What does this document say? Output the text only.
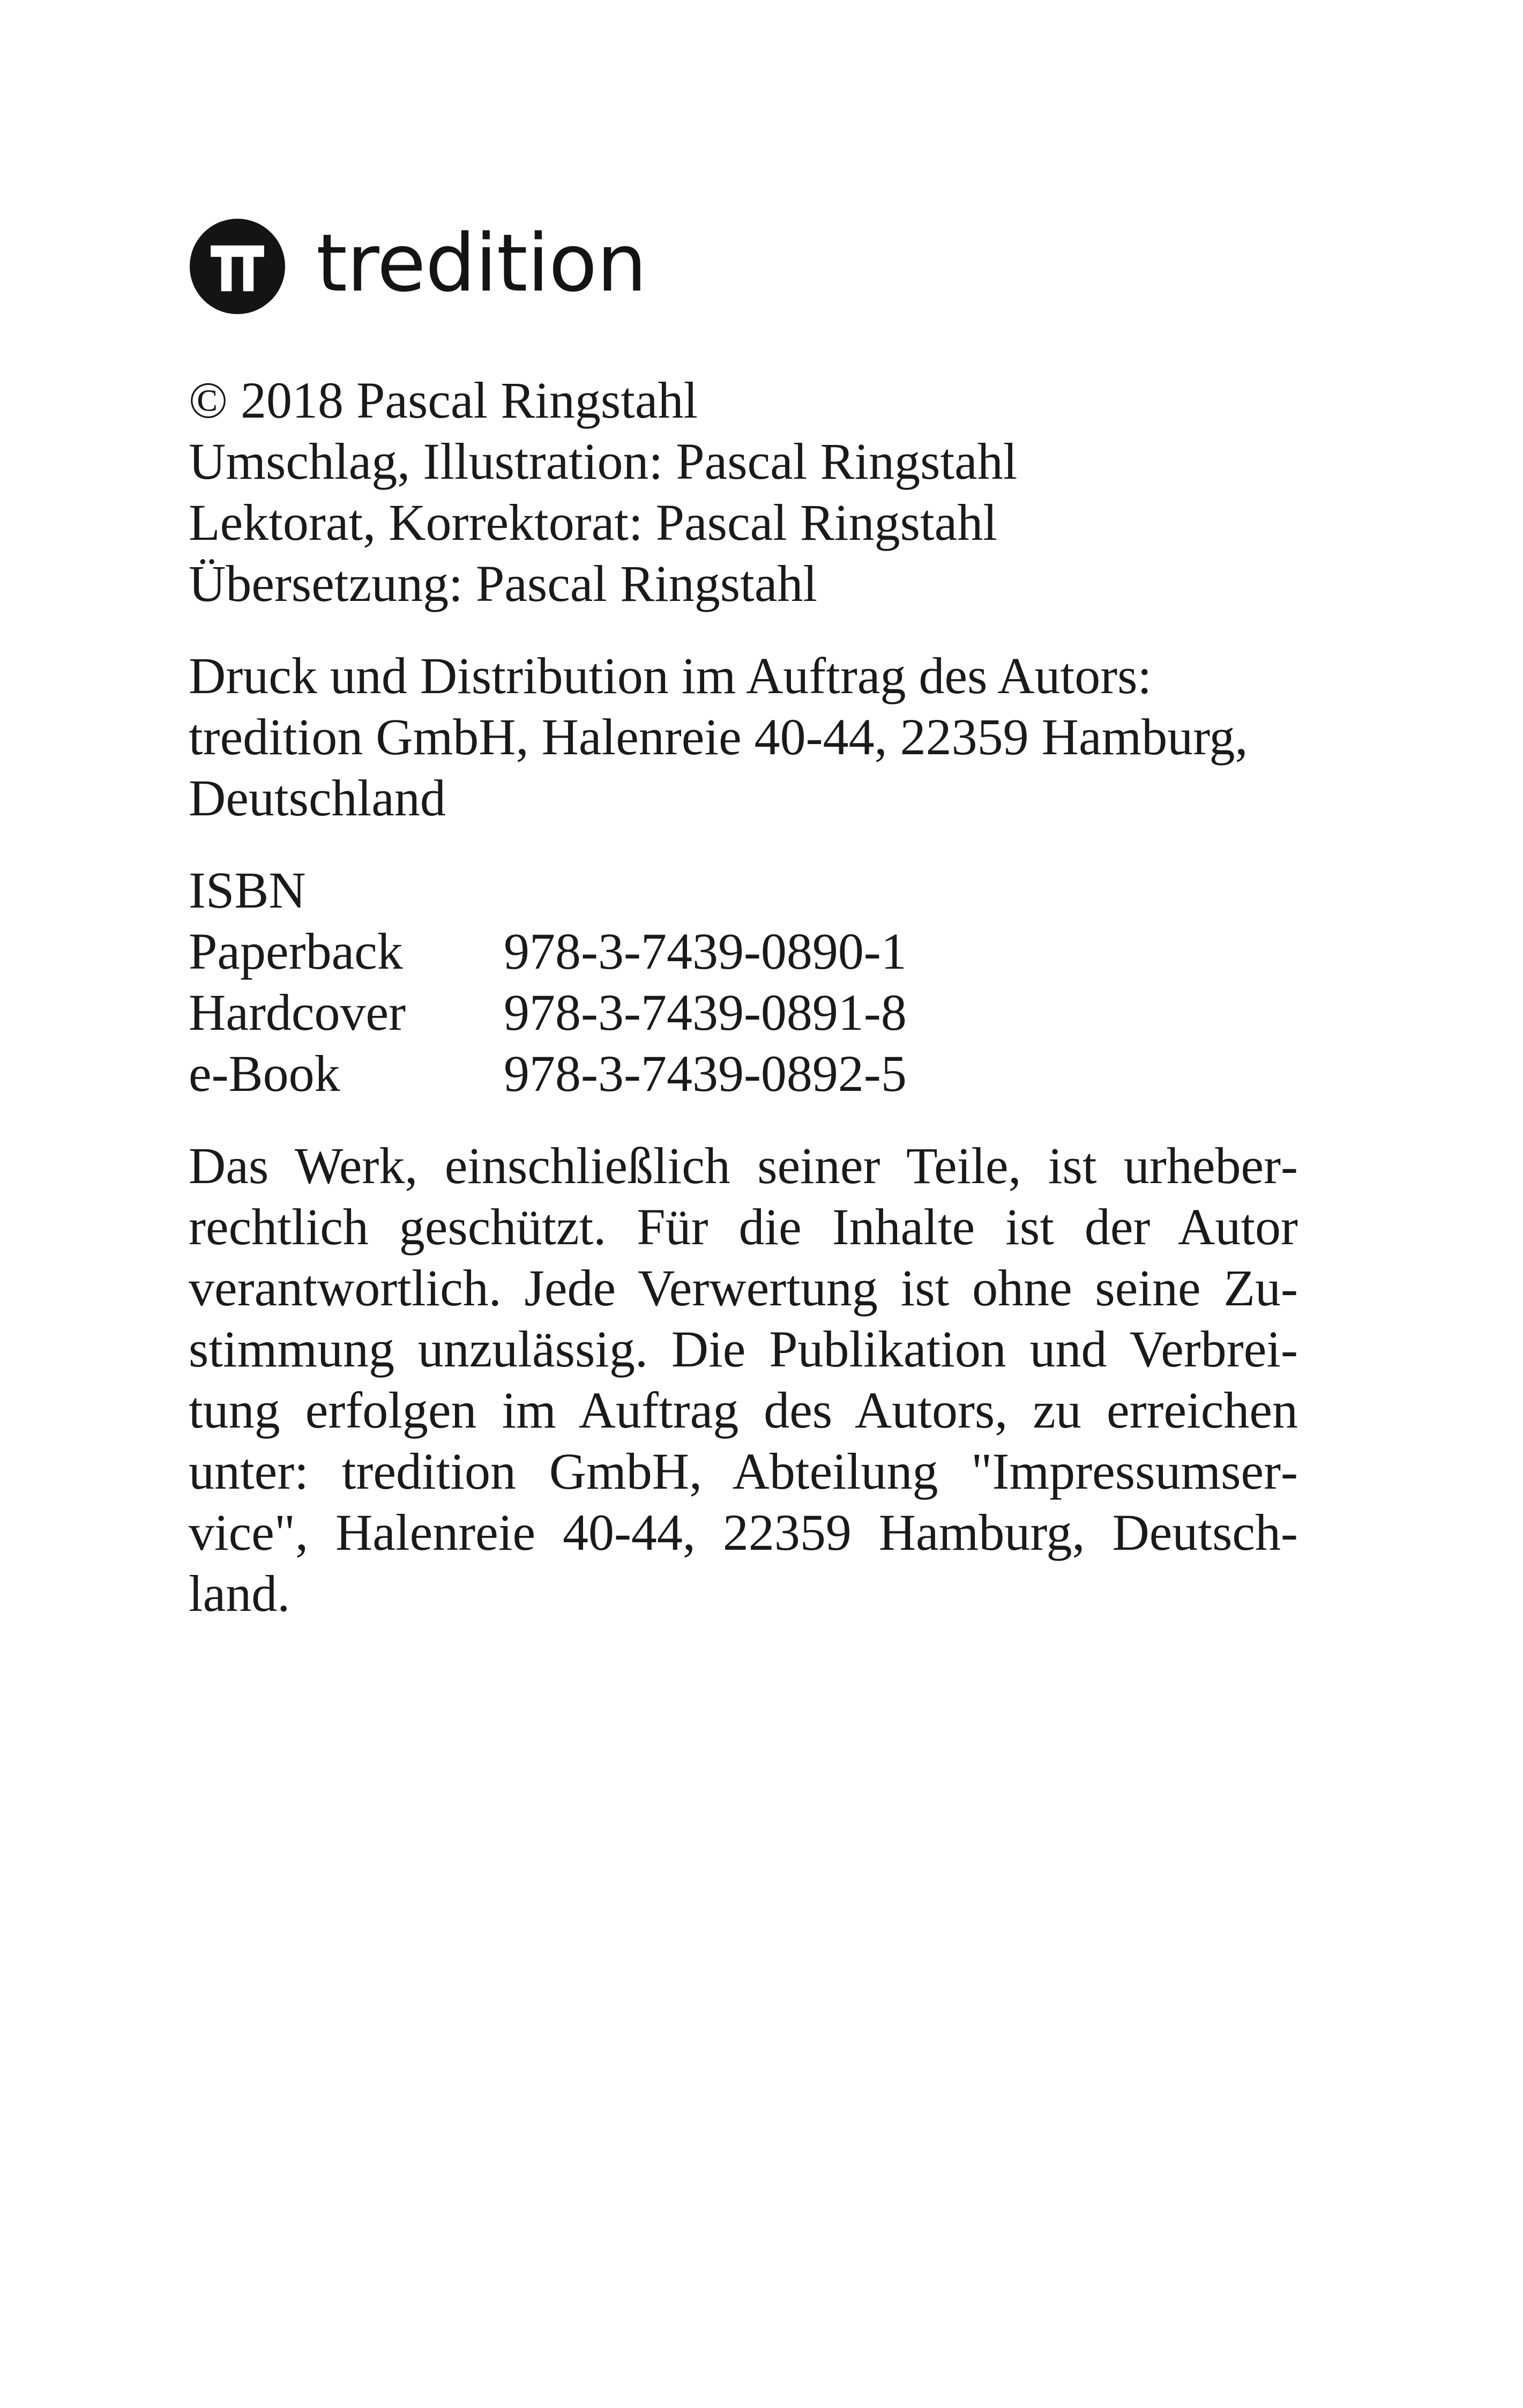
tredition
© 2018 Pascal Ringstahl
Umschlag, Illustration: Pascal Ringstahl
Lektorat, Korrektorat: Pascal Ringstahl
Übersetzung: Pascal Ringstahl
Druck und Distribution im Auftrag des Autors:
tredition GmbH, Halenreie 40-44, 22359 Hamburg,
Deutschland
ISBN
Paperback	978-3-7439-0890-1
Hardcover	978-3-7439-0891-8
e-Book	978-3-7439-0892-5

Das Werk, einschließlich seiner Teile, ist urheberrechtlich geschützt. Für die Inhalte ist der Autor verantwortlich. Jede Verwertung ist ohne seine Zustimmung unzulässig. Die Publikation und Verbreitung erfolgen im Auftrag des Autors, zu erreichen unter: tredition GmbH, Abteilung "Impressumservice", Halenreie 40-44, 22359 Hamburg, Deutschland.
